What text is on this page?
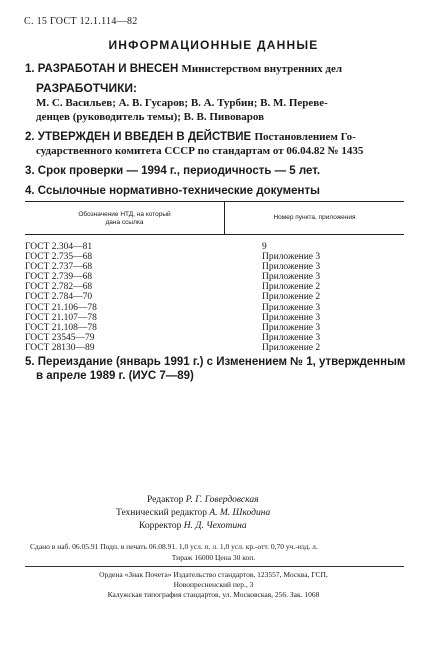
С. 15 ГОСТ 12.1.114—82
ИНФОРМАЦИОННЫЕ ДАННЫЕ
1. РАЗРАБОТАН И ВНЕСЕН Министерством внутренних дел
РАЗРАБОТЧИКИ:
М. С. Васильев; А. В. Гусаров; В. А. Турбин; В. М. Переве-
денцев (руководитель темы); В. В. Пивоваров
2. УТВЕРЖДЕН И ВВЕДЕН В ДЕЙСТВИЕ Постановлением Го-
сударственного комитета СССР по стандартам от 06.04.82 № 1435
3. Срок проверки — 1994 г., периодичность — 5 лет.
4. Ссылочные нормативно-технические документы
Обозначение НТД, на который
дана ссылка
Номер пункта, приложения
ГОСТ 2.304—81	9
ГОСТ 2.735—68	Приложение 3
ГОСТ 2.737—68	Приложение 3
ГОСТ 2.739—68	Приложение 3
ГОСТ 2.782—68	Приложение 2
ГОСТ 2.784—70	Приложение 2
ГОСТ 21.106—78	Приложение 3
ГОСТ 21.107—78	Приложение 3
ГОСТ 21.108—78	Приложение 3
ГОСТ 23545—79	Приложение 3
ГОСТ 28130—89	Приложение 2
5. Переиздание (январь 1991 г.) с Изменением № 1, утвержденным
в апреле 1989 г. (ИУС 7—89)
Редактор Р. Г. Говердовская
Технический редактор А. М. Шкодина
Корректор Н. Д. Чехотина
Сдано в наб. 06.05.91 Подп. в печать 06.08.91. 1,0 усл. п. л. 1,0 усл. кр.-отт. 0,70 уч.-изд. л.
Тираж 16000 Цена 30 коп.
Ордена «Знак Почета» Издательство стандартов, 123557, Москва, ГСП,
Новопресненский пер., 3
Калужская типография стандартов, ул. Московская, 256. Зак. 1068
